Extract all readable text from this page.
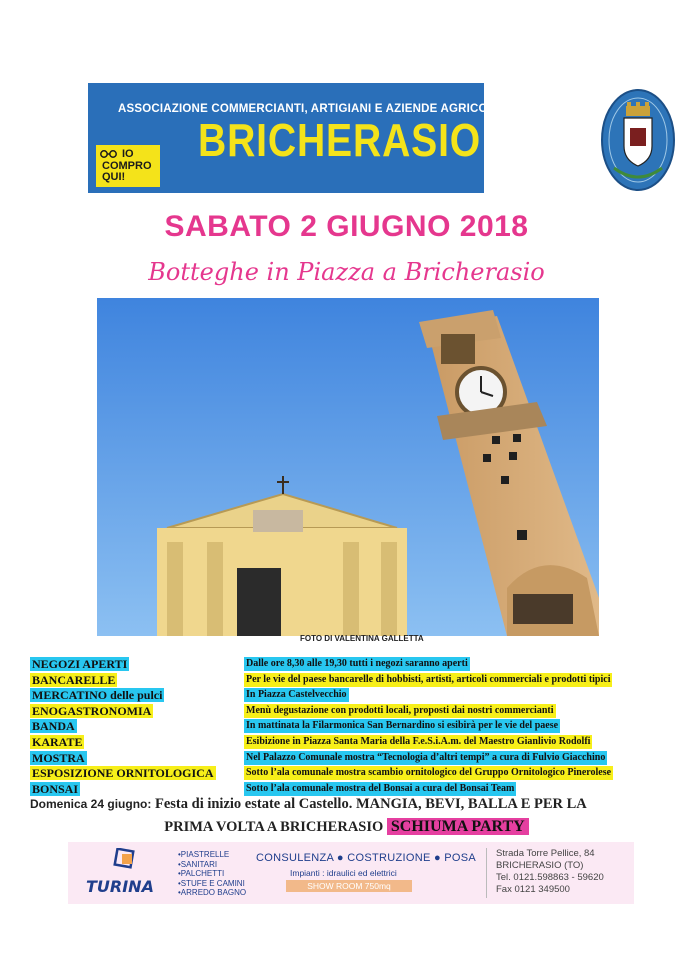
ASSOCIAZIONE COMMERCIANTI, ARTIGIANI E AZIENDE AGRICOLE
BRICHERASIO
IO
COMPRO QUI!
SABATO 2 GIUGNO 2018
Botteghe in Piazza a Bricherasio
FOTO DI VALENTINA GALLETTA
NEGOZI APERTI	Dalle ore 8,30 alle 19,30 tutti i negozi saranno aperti
BANCARELLE	Per le vie del paese bancarelle di hobbisti, artisti, articoli commerciali e prodotti tipici
MERCATINO delle pulci	In Piazza Castelvecchio
ENOGASTRONOMIA	Menù degustazione con prodotti locali, proposti dai nostri commercianti
BANDA	In mattinata la Filarmonica San Bernardino si esibirà per le vie del paese
KARATE	Esibizione in Piazza Santa Maria della F.e.S.i.A.m. del Maestro Gianlivio Rodolfi
MOSTRA	Nel Palazzo Comunale mostra “Tecnologia d’altri tempi” a cura di Fulvio Giacchino
ESPOSIZIONE ORNITOLOGICA	Sotto l’ala comunale mostra scambio ornitologico del Gruppo Ornitologico Pinerolese
BONSAI	Sotto l’ala comunale mostra del Bonsai a cura del Bonsai Team
Domenica 24 giugno: Festa di inizio estate al Castello. MANGIA, BEVI, BALLA E PER LA
PRIMA VOLTA A BRICHERASIO SCHIUMA PARTY
TURINA
•PIASTRELLE
•SANITARI
•PALCHETTI
•STUFE E CAMINI
•ARREDO BAGNO
CONSULENZA ● COSTRUZIONE ● POSA
Impianti : idraulici ed elettrici
SHOW ROOM 750mq
Strada Torre Pellice, 84
BRICHERASIO (TO)
Tel. 0121.598863 - 59620
Fax 0121 349500
